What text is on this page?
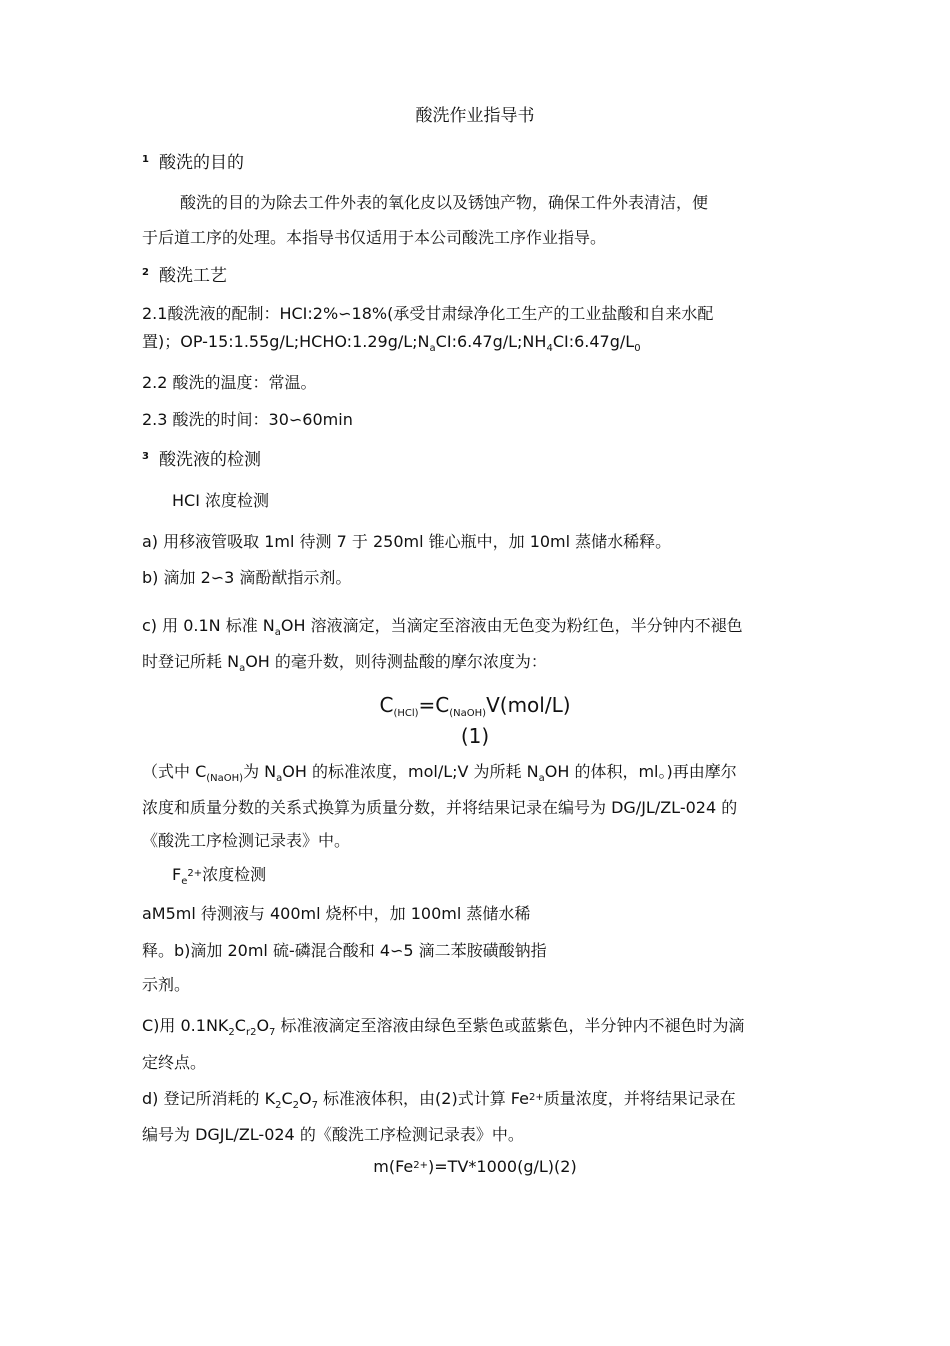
酸洗作业指导书
$^1$ 酸洗的目的
酸洗的目的为除去工件外表的氧化皮以及锈蚀产物，确保工件外表清洁，便
于后道工序的处理。本指导书仅适用于本公司酸洗工序作业指导。
$^2$ 酸洗工艺
2.1酸洗液的配制：HCI:2%∽18%(承受甘肃绿净化工生产的工业盐酸和自来水配
置)；$OP-15:1.55g/L;HCHO:1.29g/L;N_aCI:6.47g/L;NH_4CI:6.47g/L_0$
2.2 酸洗的温度：常温。
2.3 酸洗的时间：30∽60min
$^3$ 酸洗液的检测
HCI 浓度检测
a) 用移液管吸取 1ml 待测 7 于 250ml 锥心瓶中，加 10ml 蒸储水稀释。
b) 滴加 2∽3 滴酚猷指示剂。
c) 用 0.1N 标准 $N_aOH$ 溶液滴定，当滴定至溶液由无色变为粉红色，半分钟内不褪色
时登记所耗 $N_aOH$ 的毫升数，则待测盐酸的摩尔浓度为：
$C_{(HCl)}=C_{(NaOH)}V(mol/L)$
(1)
（式中 $C_{(NaOH)}$为 $N_aOH$ 的标准浓度，mol/L;V 为所耗 $N_aOH$ 的体积，ml。)再由摩尔
浓度和质量分数的关系式换算为质量分数，并将结果记录在编号为 DG/JL/ZL-024 的
《酸洗工序检测记录表》中。
$F_e^{2+}$浓度检测
aM5ml 待测液与 400ml 烧杯中，加 100ml 蒸储水稀
释。b)滴加 20ml 硫-磷混合酸和 4∽5 滴二苯胺磺酸钠指
示剂。
C)用 $0.1NK_2C_{r2}O_7$ 标准液滴定至溶液由绿色至紫色或蓝紫色，半分钟内不褪色时为滴
定终点。
d) 登记所消耗的 $K_2C_2O_7$ 标准液体积，由(2)式计算 $Fe^{2+}$质量浓度，并将结果记录在
编号为 DGJL/ZL-024 的《酸洗工序检测记录表》中。
$m(Fe^{2+})=TV*1000(g/L)(2)$
